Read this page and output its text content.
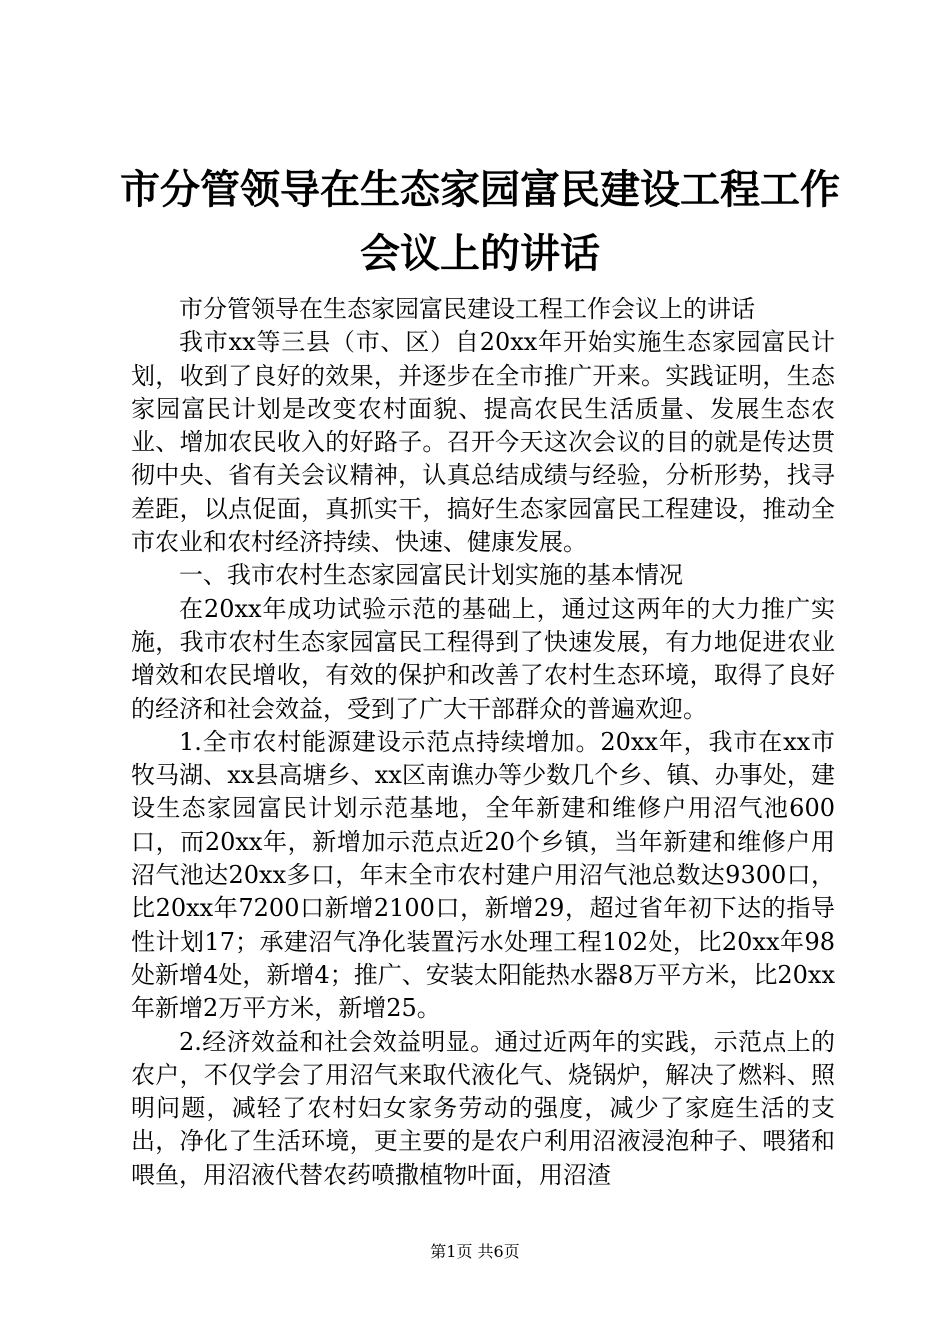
市分管领导在生态家园富民建设工程工作会议上的讲话

市分管领导在生态家园富民建设工程工作会议上的讲话

我市xx等三县（市、区）自20xx年开始实施生态家园富民计划，收到了良好的效果，并逐步在全市推广开来。实践证明，生态家园富民计划是改变农村面貌、提高农民生活质量、发展生态农业、增加农民收入的好路子。召开今天这次会议的目的就是传达贯彻中央、省有关会议精神，认真总结成绩与经验，分析形势，找寻差距，以点促面，真抓实干，搞好生态家园富民工程建设，推动全市农业和农村经济持续、快速、健康发展。

一、我市农村生态家园富民计划实施的基本情况

在20xx年成功试验示范的基础上，通过这两年的大力推广实施，我市农村生态家园富民工程得到了快速发展，有力地促进农业增效和农民增收，有效的保护和改善了农村生态环境，取得了良好的经济和社会效益，受到了广大干部群众的普遍欢迎。

1.全市农村能源建设示范点持续增加。20xx年，我市在xx市牧马湖、xx县高塘乡、xx区南谯办等少数几个乡、镇、办事处，建设生态家园富民计划示范基地，全年新建和维修户用沼气池600口，而20xx年，新增加示范点近20个乡镇，当年新建和维修户用沼气池达20xx多口，年末全市农村建户用沼气池总数达9300口，比20xx年7200口新增2100口，新增29，超过省年初下达的指导性计划17；承建沼气净化装置污水处理工程102处，比20xx年98处新增4处，新增4；推广、安装太阳能热水器8万平方米，比20xx年新增2万平方米，新增25。

2.经济效益和社会效益明显。通过近两年的实践，示范点上的农户，不仅学会了用沼气来取代液化气、烧锅炉，解决了燃料、照明问题，减轻了农村妇女家务劳动的强度，减少了家庭生活的支出，净化了生活环境，更主要的是农户利用沼液浸泡种子、喂猪和喂鱼，用沼液代替农药喷撒植物叶面，用沼渣

第1页 共6页
